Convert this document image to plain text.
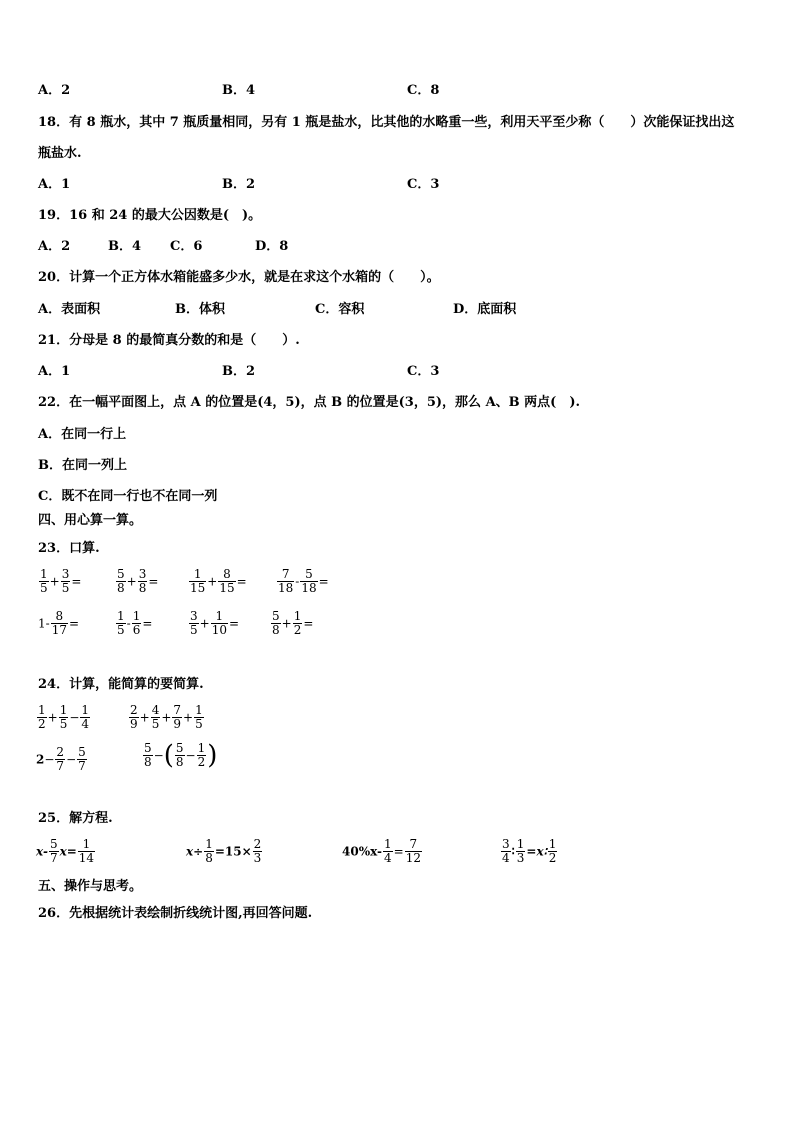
A．2	B．4	C．8
18．有 8 瓶水，其中 7 瓶质量相同，另有 1 瓶是盐水，比其他的水略重一些，利用天平至少称（　　）次能保证找出这
瓶盐水.
A．1	B．2	C．3
19．16 和 24 的最大公因数是(　)。
A．2	B．4 C．6	D．8
20．计算一个正方体水箱能盛多少水，就是在求这个水箱的（　　）。
A．表面积	B．体积	C．容积	D．底面积
21．分母是 8 的最简真分数的和是（　　）.
A．1	B．2	C．3
22．在一幅平面图上，点 A 的位置是(4，5)，点 B 的位置是(3，5)，那么 A、B 两点(　).
A．在同一行上
B．在同一列上
C．既不在同一行也不在同一列
四、用心算一算。
23．口算.
$\frac{1}{5} + \frac{3}{5}$ =	$\frac{5}{8} + \frac{3}{8}$ =	$\frac{1}{15} + \frac{8}{15}$ =	$\frac{7}{18} - \frac{5}{18}$ =
$1- \frac{8}{17}$ =	$\frac{1}{5} - \frac{1}{6}$ =	$\frac{3}{5} + \frac{1}{10}$ =	$\frac{5}{8} + \frac{1}{2}$ =
24．计算，能简算的要简算.
$\frac{1}{2} + \frac{1}{5} - \frac{1}{4}$	$\frac{2}{9} + \frac{4}{5} + \frac{7}{9} + \frac{1}{5}$
$2- \frac{2}{7} - \frac{5}{7}$	$\frac{5}{8}$ −( $\frac{5}{8} - \frac{1}{2}$ )
25．解方程.
$x- \frac{5}{7} x= \frac{1}{14}$	$x\div \frac{1}{8} =15\times \frac{2}{3}$	$40\%x- \frac{1}{4} = \frac{7}{12}$	$\frac{3}{4}$ ∶ $\frac{1}{3}$ =x∶ $\frac{1}{2}$
五、操作与思考。
26．先根据统计表绘制折线统计图,再回答问题.
